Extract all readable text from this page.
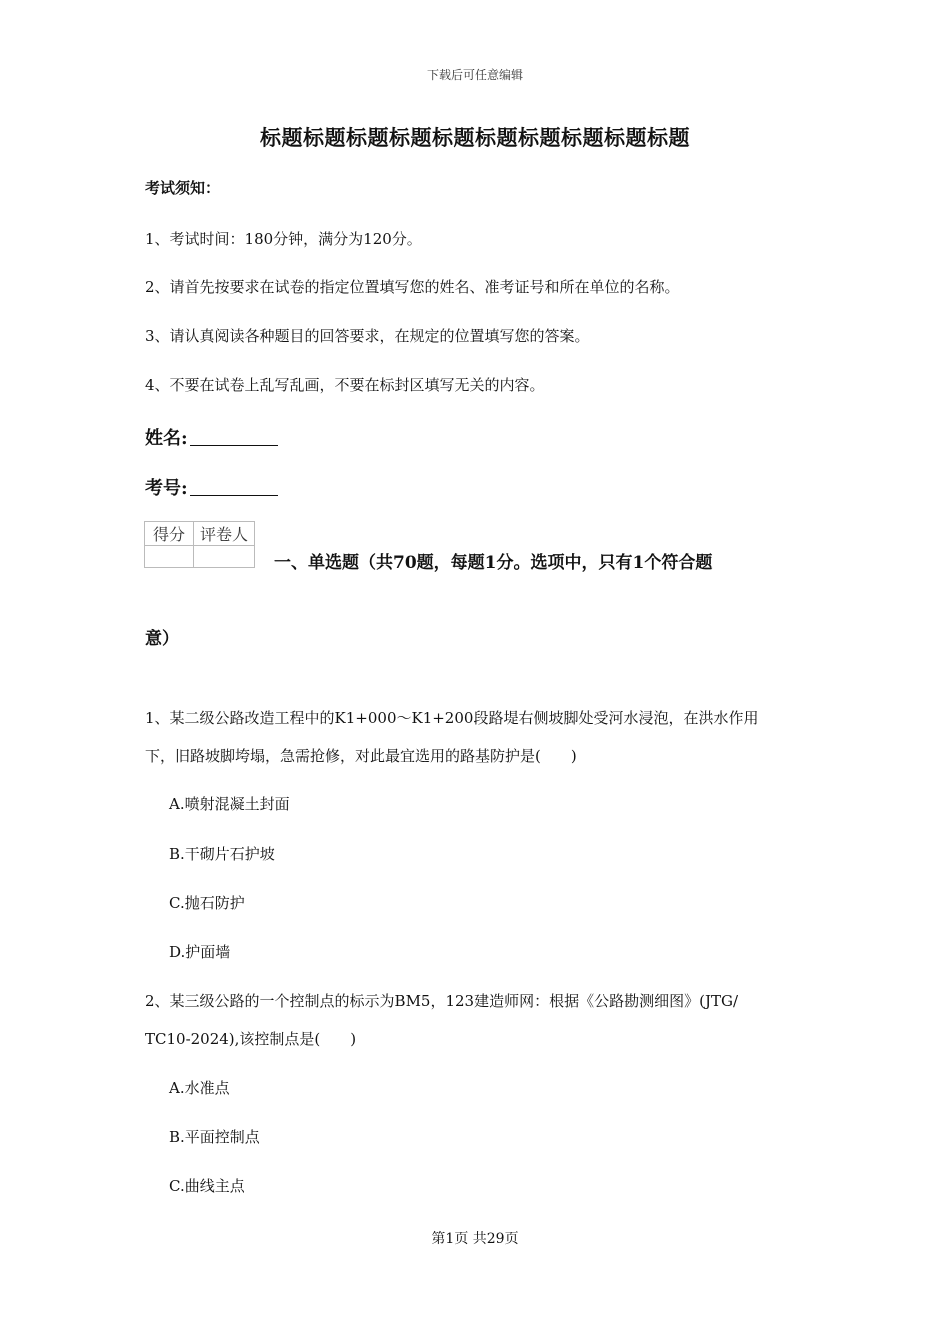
下载后可任意编辑
标题标题标题标题标题标题标题标题标题标题
考试须知：
1、考试时间：180分钟，满分为120分。
2、请首先按要求在试卷的指定位置填写您的姓名、准考证号和所在单位的名称。
3、请认真阅读各种题目的回答要求，在规定的位置填写您的答案。
4、不要在试卷上乱写乱画，不要在标封区填写无关的内容。
姓名:
考号:
得分	评卷人

一、单选题（共70题，每题1分。选项中，只有1个符合题
意）
1、某二级公路改造工程中的K1+000～K1+200段路堤右侧坡脚处受河水浸泡，在洪水作用
下，旧路坡脚垮塌，急需抢修，对此最宜选用的路基防护是(　　)
A.喷射混凝土封面
B.干砌片石护坡
C.抛石防护
D.护面墙
2、某三级公路的一个控制点的标示为BM5，123建造师网：根据《公路勘测细图》(JTG/
TC10-2024),该控制点是(　　)
A.水准点
B.平面控制点
C.曲线主点
第1页 共29页
